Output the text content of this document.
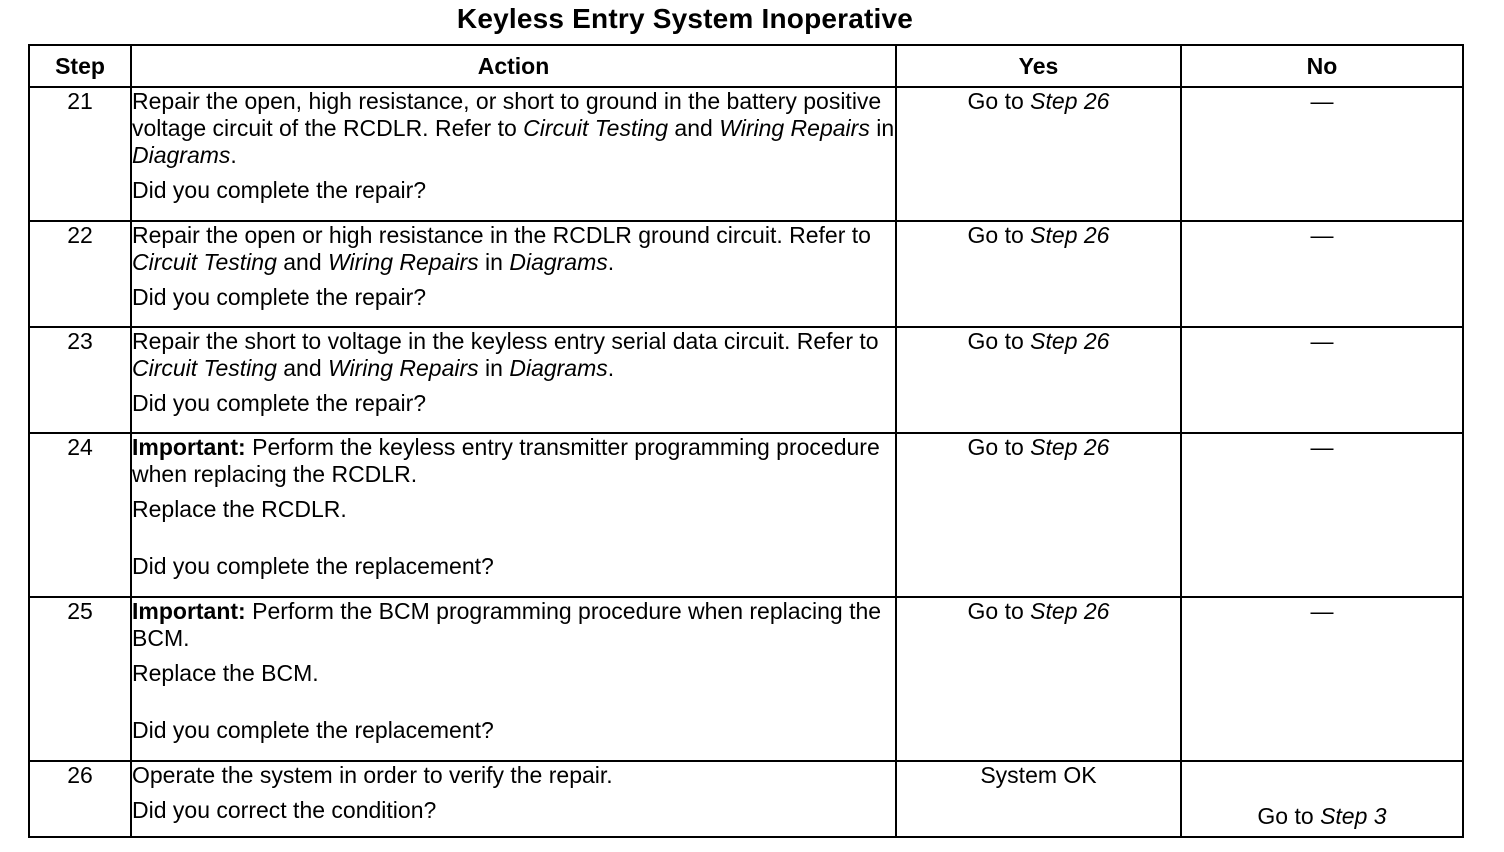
Keyless Entry System Inoperative
Step	Action	Yes	No
21	Repair the open, high resistance, or short to ground in the battery positive voltage circuit of the RCDLR. Refer to Circuit Testing and Wiring Repairs in Diagrams.

Did you complete the repair?	Go to Step 26	—
22	Repair the open or high resistance in the RCDLR ground circuit. Refer to Circuit Testing and Wiring Repairs in Diagrams.

Did you complete the repair?	Go to Step 26	—
23	Repair the short to voltage in the keyless entry serial data circuit. Refer to Circuit Testing and Wiring Repairs in Diagrams.

Did you complete the repair?	Go to Step 26	—
24	Important: Perform the keyless entry transmitter programming procedure when replacing the RCDLR.

Replace the RCDLR.

Did you complete the replacement?	Go to Step 26	—
25	Important: Perform the BCM programming procedure when replacing the BCM.

Replace the BCM.

Did you complete the replacement?	Go to Step 26	—
26	Operate the system in order to verify the repair.

Did you correct the condition?	System OK	Go to Step 3
